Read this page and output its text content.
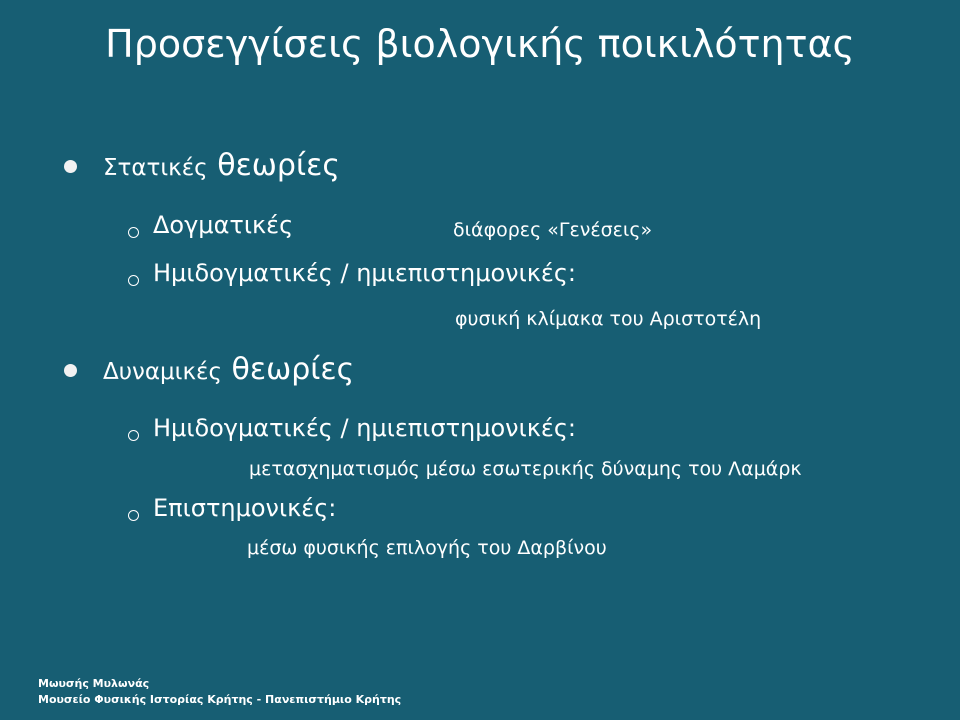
Προσεγγίσεις βιολογικής ποικιλότητας
Στατικές θεωρίες
Δογματικές	διάφορες «Γενέσεις»
Ημιδογματικές / ημιεπιστημονικές:
φυσική κλίμακα του Αριστοτέλη
Δυναμικές θεωρίες
Ημιδογματικές / ημιεπιστημονικές:
μετασχηματισμός μέσω εσωτερικής δύναμης του Λαμάρκ
Επιστημονικές:
μέσω φυσικής επιλογής του Δαρβίνου
Μωυσής Μυλωνάς
Μουσείο Φυσικής Ιστορίας Κρήτης - Πανεπιστήμιο Κρήτης
